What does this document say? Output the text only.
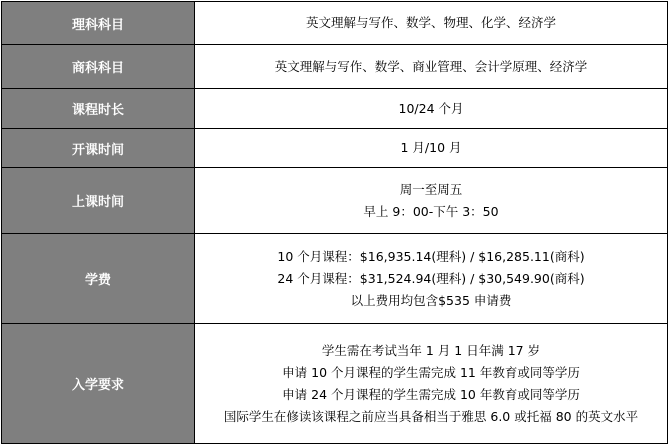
理科科目	英文理解与写作、数学、物理、化学、经济学

商科科目	英文理解与写作、数学、商业管理、会计学原理、经济学

课程时长	10/24 个月

开课时间	1 月/10 月

上课时间	周一至周五
早上 9：00-下午 3：50

学费	10 个月课程：$16,935.14(理科) / $16,285.11(商科)
24 个月课程：$31,524.94(理科) / $30,549.90(商科)
以上费用均包含$535 申请费

入学要求	学生需在考试当年 1 月 1 日年满 17 岁
申请 10 个月课程的学生需完成 11 年教育或同等学历
申请 24 个月课程的学生需完成 10 年教育或同等学历
国际学生在修读该课程之前应当具备相当于雅思 6.0 或托福 80 的英文水平
